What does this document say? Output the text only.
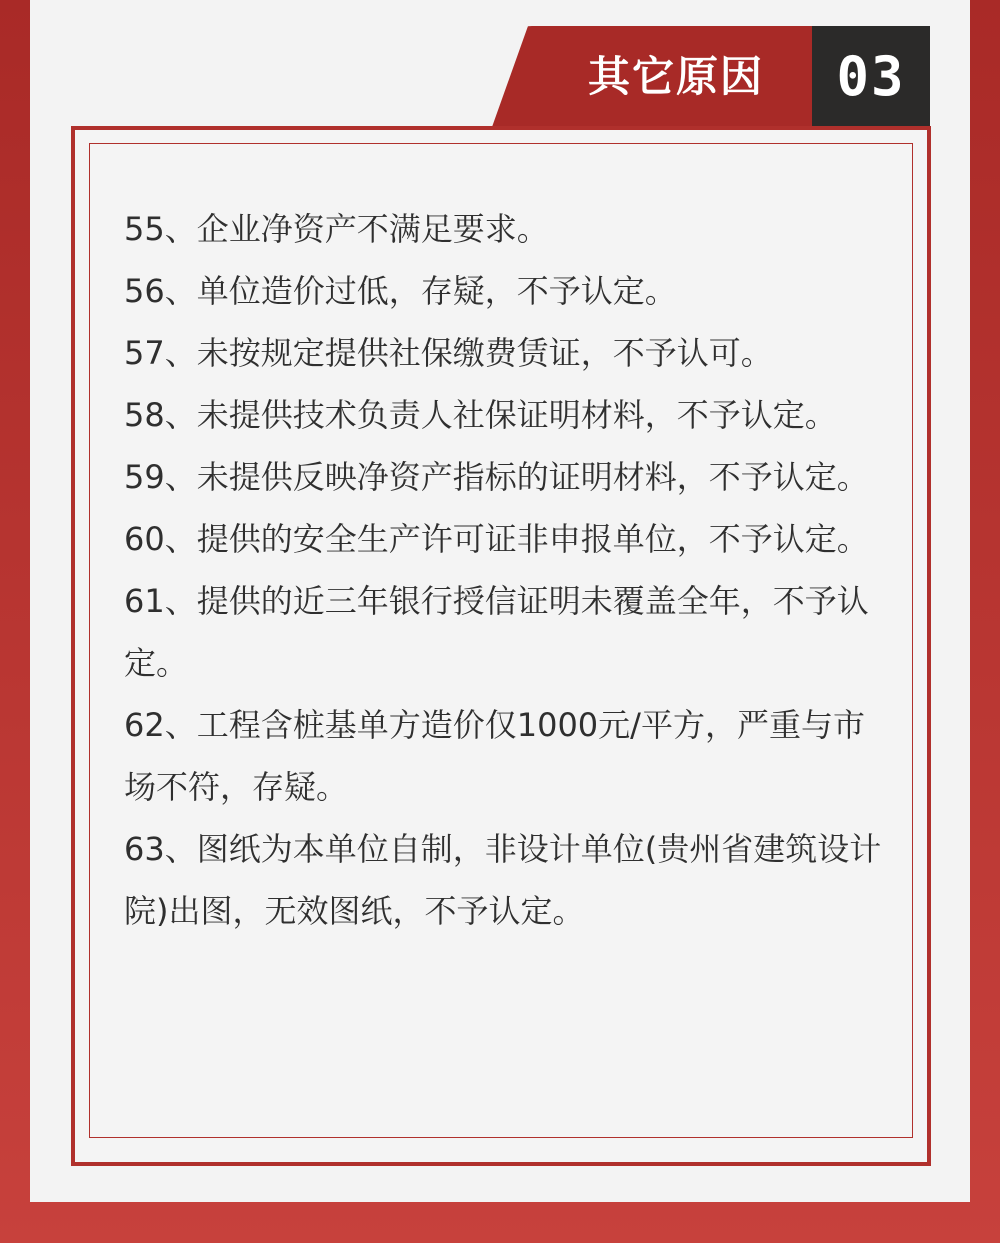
其它原因	03
55、企业净资产不满足要求。
56、单位造价过低，存疑，不予认定。
57、未按规定提供社保缴费赁证，不予认可。
58、未提供技术负责人社保证明材料，不予认定。
59、未提供反映净资产指标的证明材料，不予认定。
60、提供的安全生产许可证非申报单位，不予认定。
61、提供的近三年银行授信证明未覆盖全年，不予认定。
62、工程含桩基单方造价仅1000元/平方，严重与市场不符，存疑。
63、图纸为本单位自制，非设计单位(贵州省建筑设计院)出图，无效图纸，不予认定。
